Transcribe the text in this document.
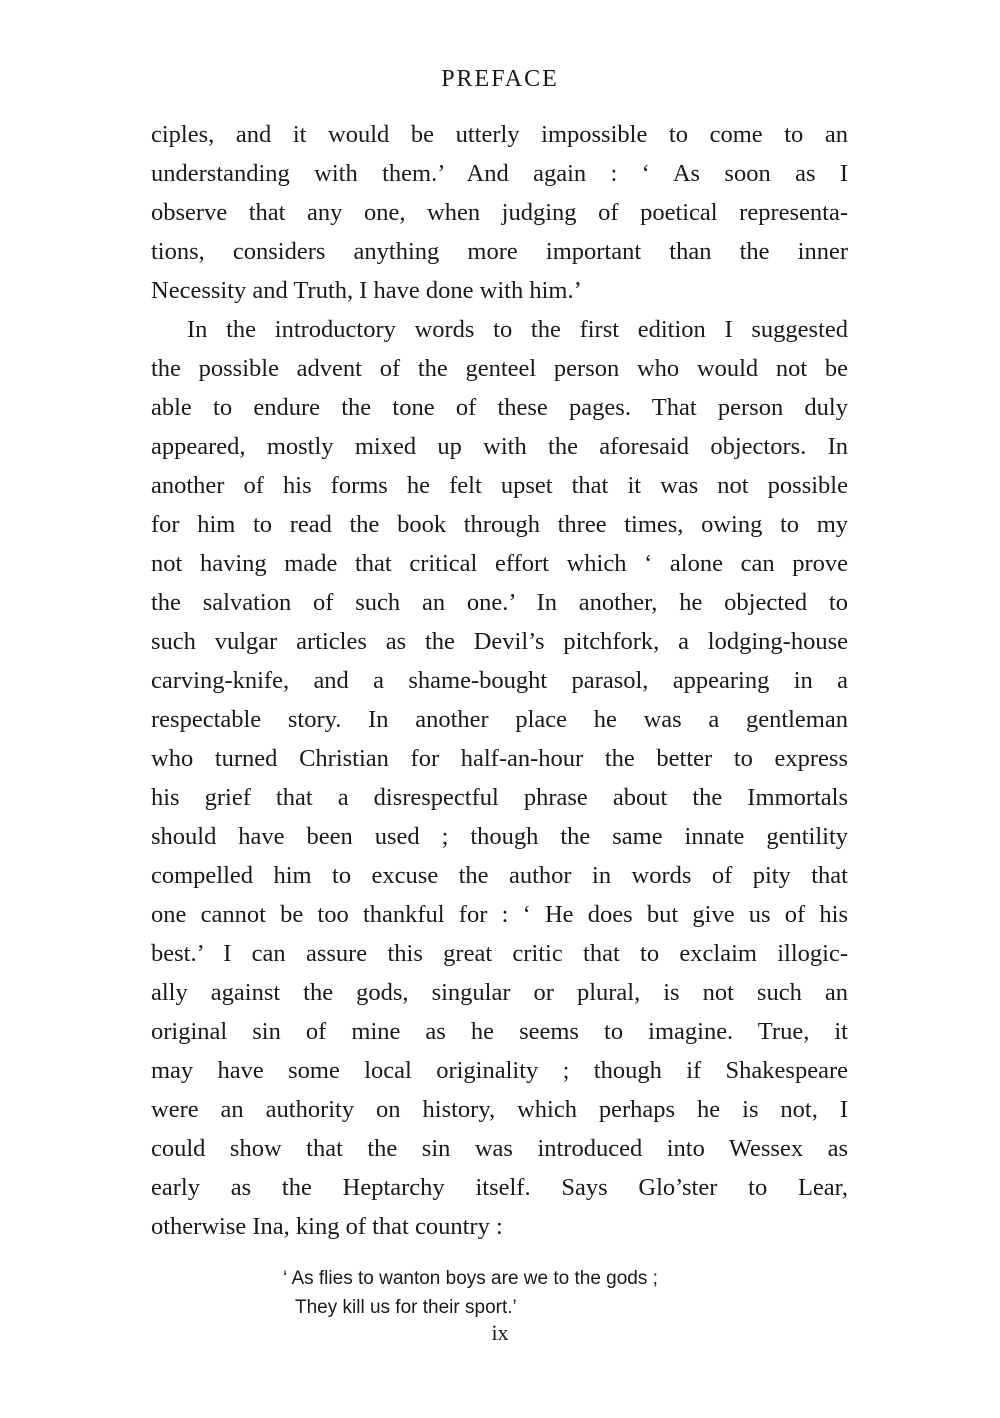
PREFACE
ciples, and it would be utterly impossible to come to an
understanding with them.’ And again : ‘ As soon as I
observe that any one, when judging of poetical representa-
tions, considers anything more important than the inner
Necessity and Truth, I have done with him.’
In the introductory words to the first edition I suggested
the possible advent of the genteel person who would not be
able to endure the tone of these pages. That person duly
appeared, mostly mixed up with the aforesaid objectors. In
another of his forms he felt upset that it was not possible
for him to read the book through three times, owing to my
not having made that critical effort which ‘ alone can prove
the salvation of such an one.’ In another, he objected to
such vulgar articles as the Devil’s pitchfork, a lodging-house
carving-knife, and a shame-bought parasol, appearing in a
respectable story. In another place he was a gentleman
who turned Christian for half-an-hour the better to express
his grief that a disrespectful phrase about the Immortals
should have been used ; though the same innate gentility
compelled him to excuse the author in words of pity that
one cannot be too thankful for : ‘ He does but give us of his
best.’ I can assure this great critic that to exclaim illogic-
ally against the gods, singular or plural, is not such an
original sin of mine as he seems to imagine. True, it
may have some local originality ; though if Shakespeare
were an authority on history, which perhaps he is not, I
could show that the sin was introduced into Wessex as
early as the Heptarchy itself. Says Glo’ster to Lear,
otherwise Ina, king of that country :
‘ As flies to wanton boys are we to the gods ;
They kill us for their sport.’
ix
